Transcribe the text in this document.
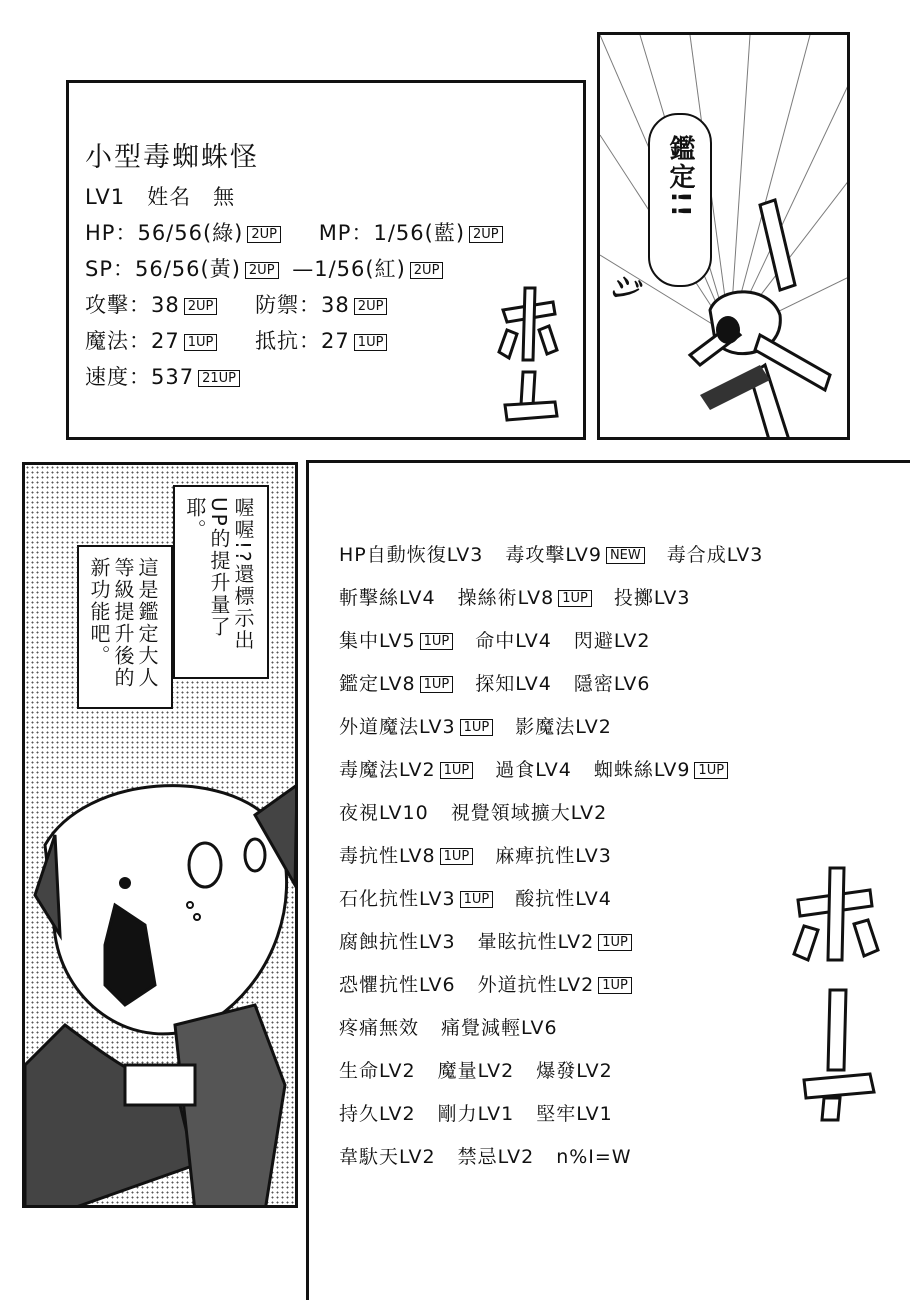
小型毒蜘蛛怪
LV1　姓名　無
HP：56/56(綠) 2UP MP：1/56(藍) 2UP
SP：56/56(黃) 2UP —1/56(紅) 2UP
攻擊：38 2UP 防禦：38 2UP
魔法：27 1UP 抵抗：27 1UP
速度：537 21UP
鑑定!!
ジ
喔喔!?還標示出UP的提升量了耶。
這是鑑定大人等級提升後的新功能吧。
HP自動恢復LV3 毒攻擊LV9 NEW 毒合成LV3
斬擊絲LV4 操絲術LV8 1UP 投擲LV3
集中LV5 1UP 命中LV4 閃避LV2
鑑定LV8 1UP 探知LV4 隱密LV6
外道魔法LV3 1UP 影魔法LV2
毒魔法LV2 1UP 過食LV4 蜘蛛絲LV9 1UP
夜視LV10 視覺領域擴大LV2
毒抗性LV8 1UP 麻痺抗性LV3
石化抗性LV3 1UP 酸抗性LV4
腐蝕抗性LV3 暈眩抗性LV2 1UP
恐懼抗性LV6 外道抗性LV2 1UP
疼痛無效 痛覺減輕LV6
生命LV2 魔量LV2 爆發LV2
持久LV2 剛力LV1 堅牢LV1
韋馱天LV2 禁忌LV2 n%I=W
